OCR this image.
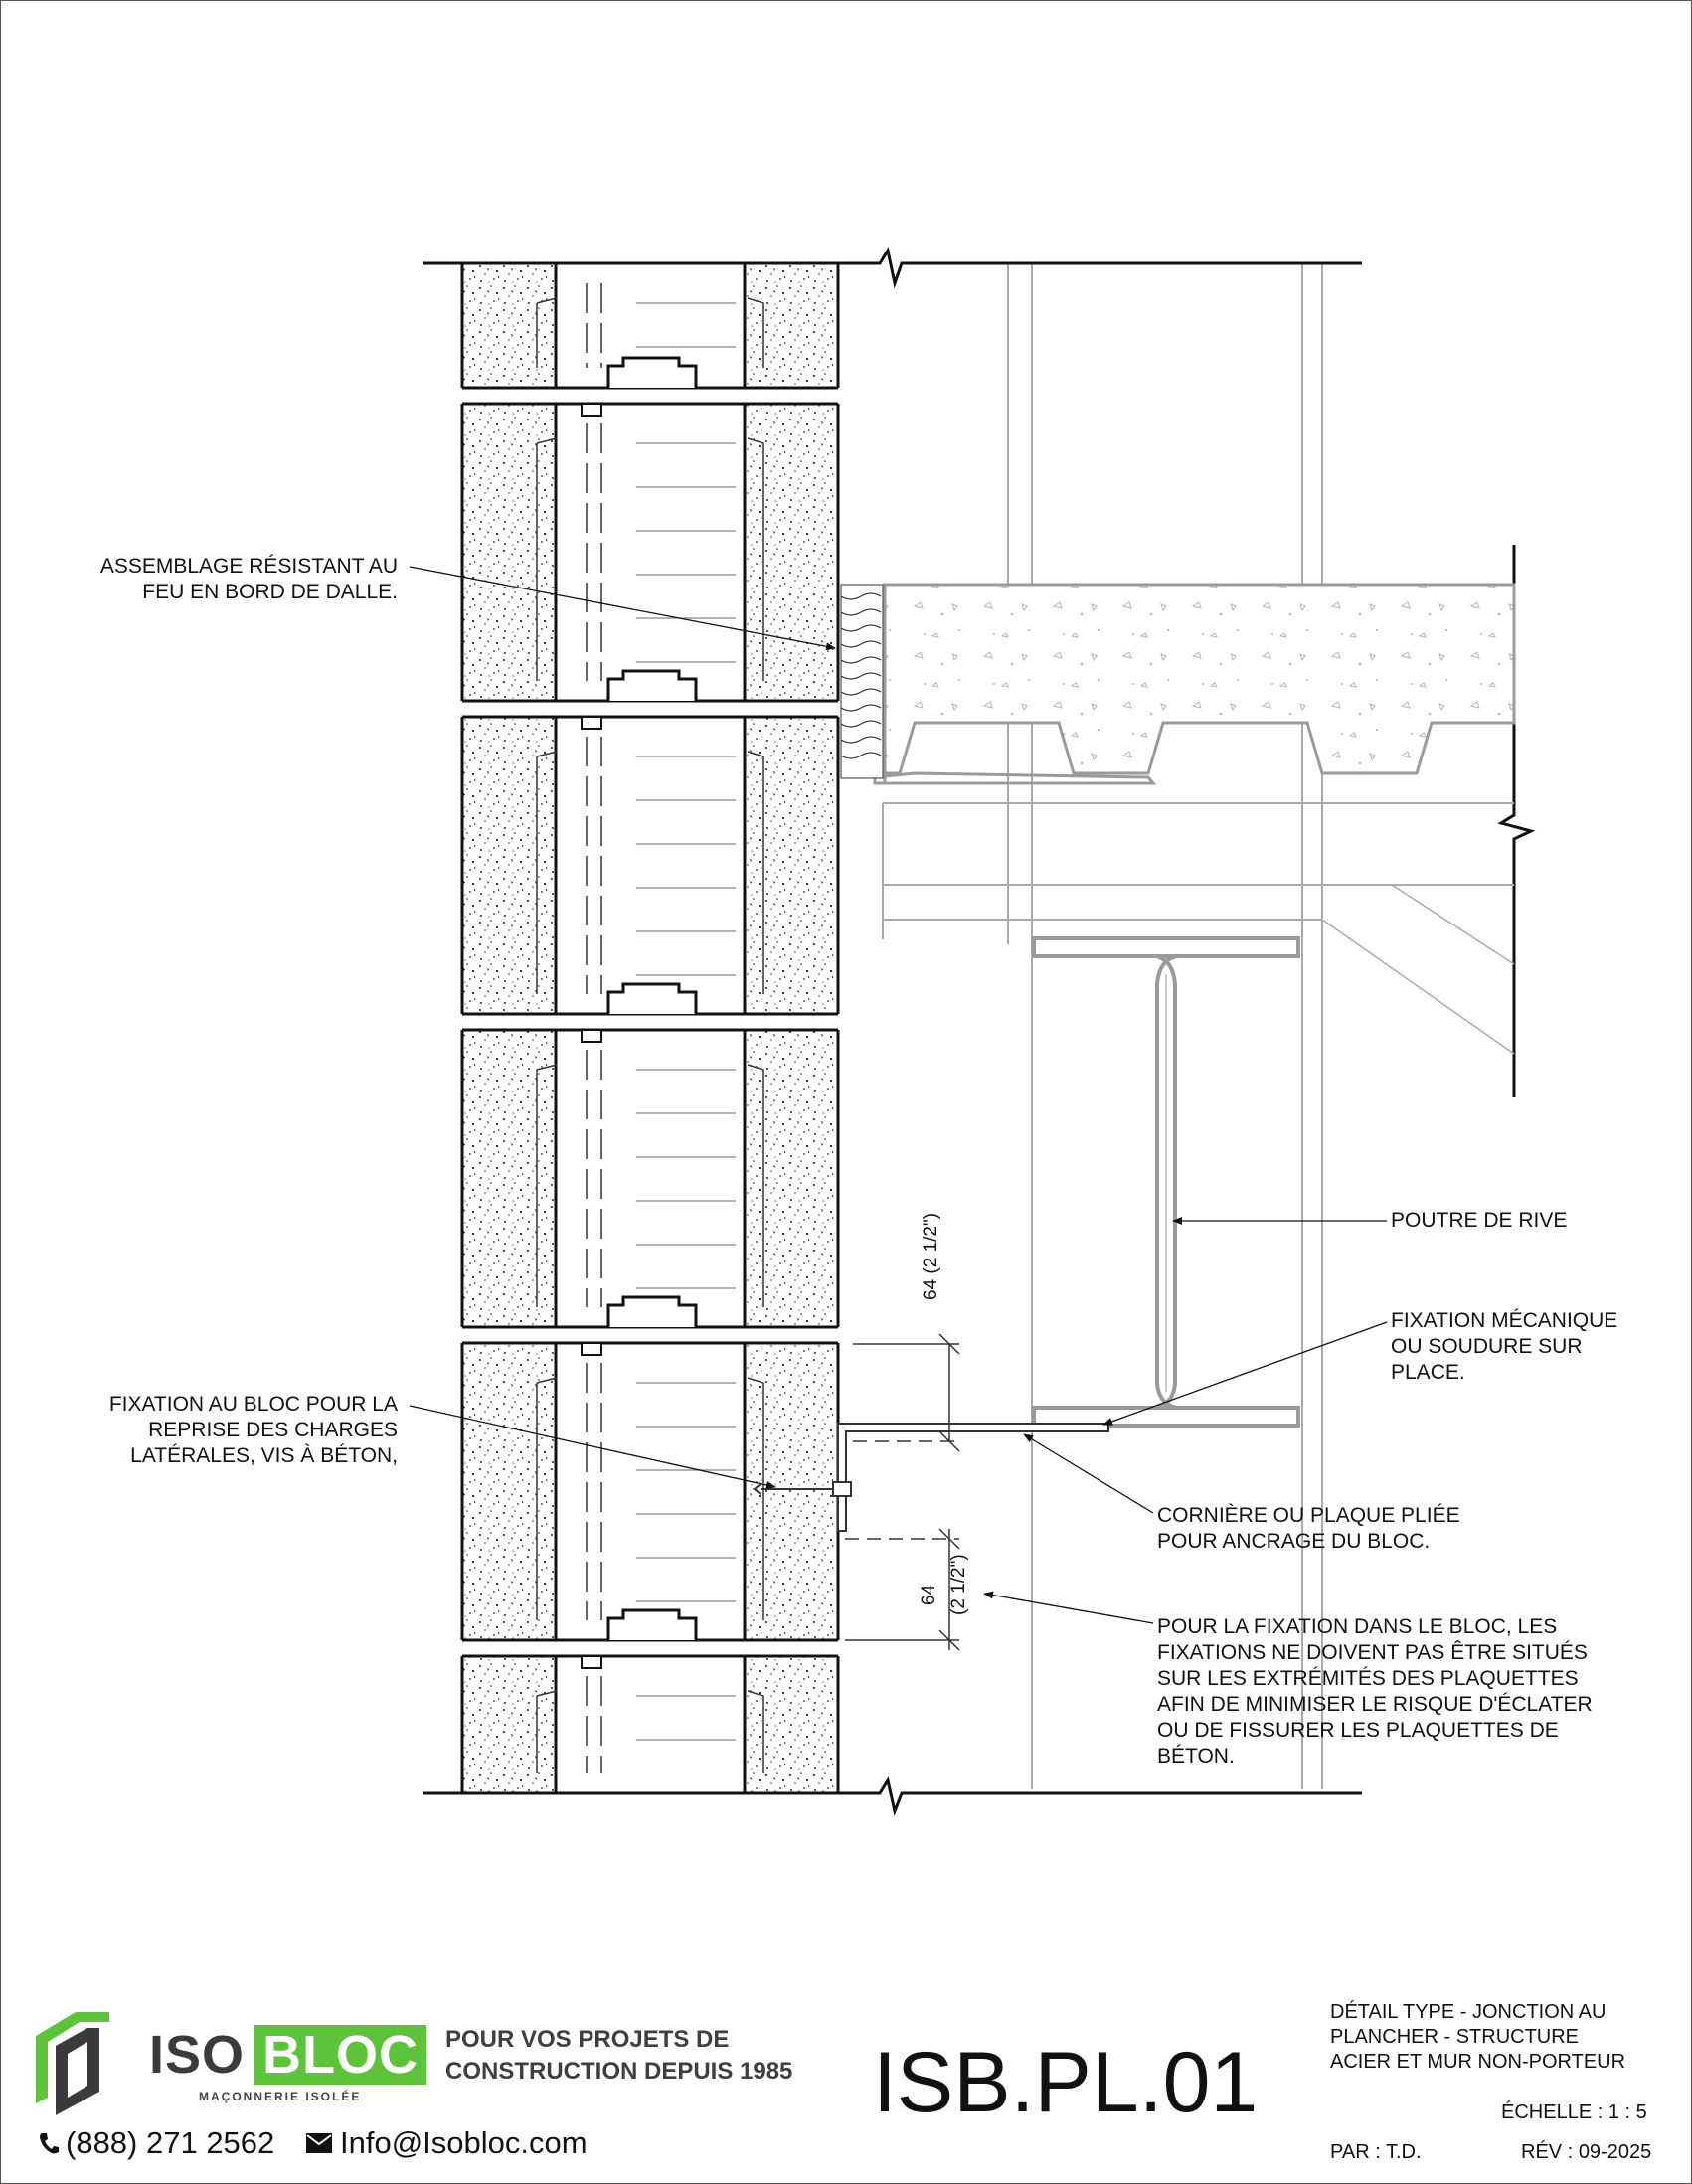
64 (2 1/2")
64 (2 1/2")

ASSEMBLAGE RÉSISTANT AU
FEU EN BORD DE DALLE.

FIXATION AU BLOC POUR LA
REPRISE DES CHARGES
LATÉRALES, VIS À BÉTON,

POUTRE DE RIVE

FIXATION MÉCANIQUE
OU SOUDURE SUR
PLACE.

CORNIÈRE OU PLAQUE PLIÉE
POUR ANCRAGE DU BLOC.

POUR LA FIXATION DANS LE BLOC, LES
FIXATIONS NE DOIVENT PAS ÊTRE SITUÉS
SUR LES EXTRÉMITÉS DES PLAQUETTES
AFIN DE MINIMISER LE RISQUE D'ÉCLATER
OU DE FISSURER LES PLAQUETTES DE
BÉTON.

ISO BLOC
MAÇONNERIE ISOLÉE
POUR VOS PROJETS DE
CONSTRUCTION DEPUIS 1985
(888) 271 2562 Info@Isobloc.com
ISB.PL.01
DÉTAIL TYPE - JONCTION AU
PLANCHER - STRUCTURE
ACIER ET MUR NON-PORTEUR
ÉCHELLE : 1 : 5
PAR : T.D.	RÉV : 09-2025
